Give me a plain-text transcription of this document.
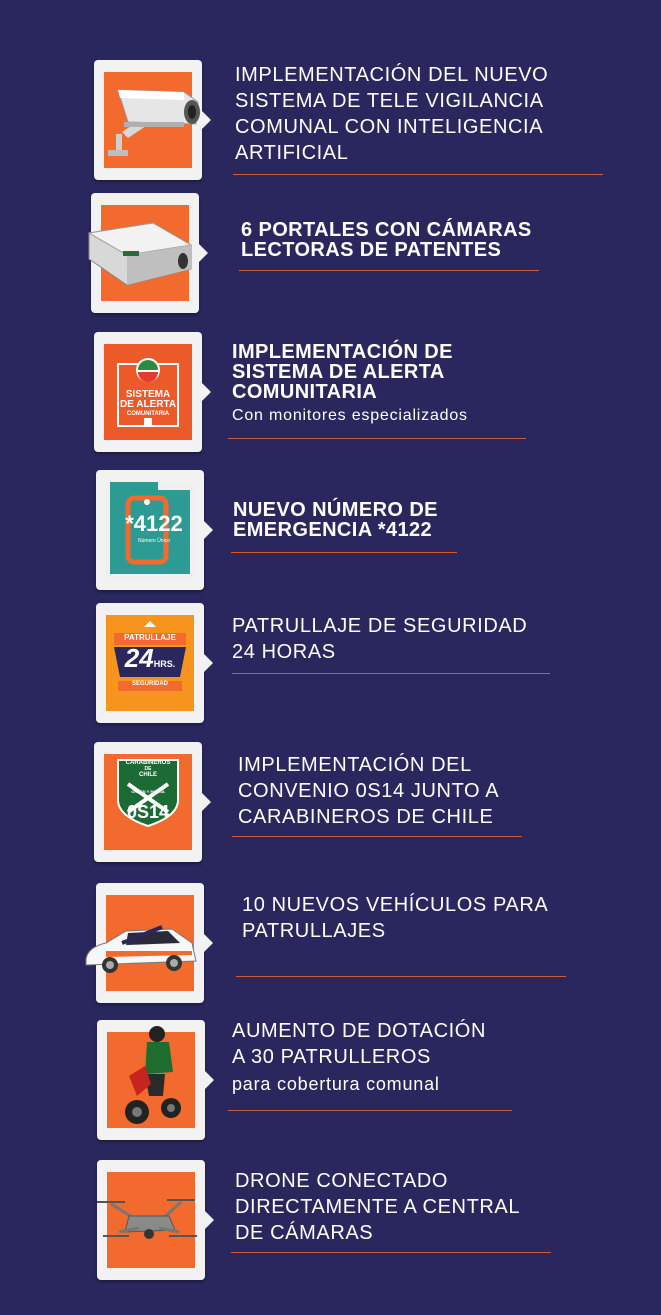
IMPLEMENTACIÓN DEL NUEVO
SISTEMA DE TELE VIGILANCIA
COMUNAL CON INTELIGENCIA
ARTIFICIAL
6 PORTALES CON CÁMARAS
LECTORAS DE PATENTES
SISTEMA
DE ALERTA
COMUNITARIA
IMPLEMENTACIÓN DE
SISTEMA DE ALERTA
COMUNITARIA
Con monitores especializados
*4122
Número Único
NUEVO NÚMERO DE
EMERGENCIA *4122
PATRULLAJE
24HRS.
SEGURIDAD
PATRULLAJE DE SEGURIDAD
24 HORAS
CARABINEROS
DE
CHILE
ORDEN Y PATRIA
0S14
IMPLEMENTACIÓN DEL
CONVENIO 0S14 JUNTO A
CARABINEROS DE CHILE
10 NUEVOS VEHÍCULOS PARA
PATRULLAJES
AUMENTO DE DOTACIÓN
A 30 PATRULLEROS
para cobertura comunal
DRONE CONECTADO
DIRECTAMENTE A CENTRAL
DE CÁMARAS
